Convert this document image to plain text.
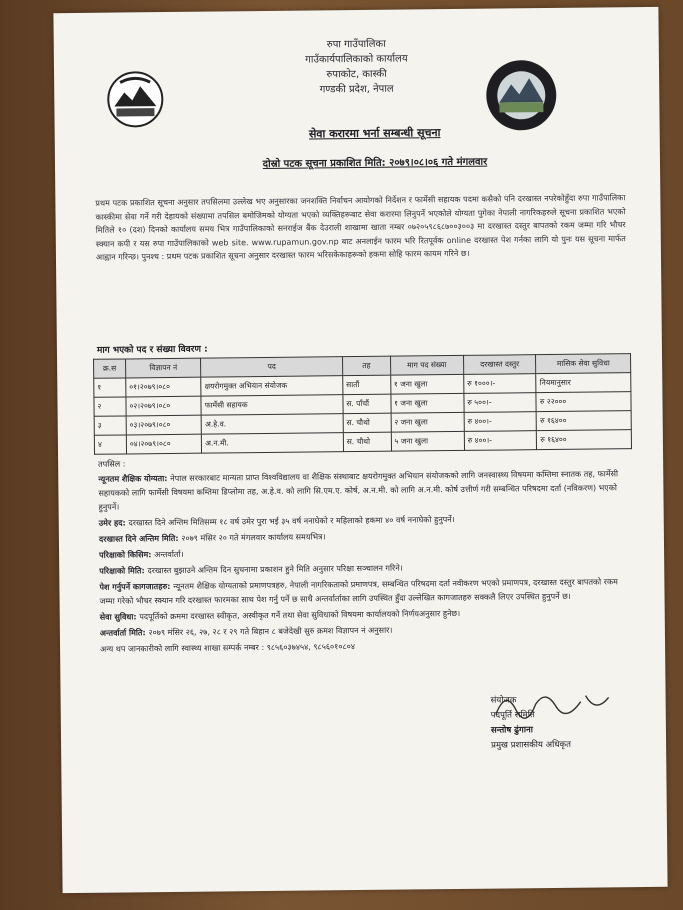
रुपा गाउँपालिका
गाउँकार्यपालिकाको कार्यालय
रुपाकोट, कास्की
गण्डकी प्रदेश, नेपाल
सेवा करारमा भर्ना सम्बन्धी सूचना
दोस्रो पटक सूचना प्रकाशित मिति: २०७९।०८।०६ गते मंगलवार
प्रथम पटक प्रकाशित सूचना अनुसार तपसिलमा उल्लेख भए अनुसारका जनशक्ति निर्वाचन आयोगको निर्देशन र फार्मेसी सहायक पदमा कसैको पनि दरखास्त नपरेकोहुँदा रुपा गाउँपालिका कास्कीमा सेवा गर्ने गरी देहायको संख्यामा तपसिल बमोजिमको योग्यता भएको व्यक्तिहरूबाट सेवा करारमा लिनुपर्ने भएकोले योग्यता पुगेका नेपाली नागरिकहरुले सूचना प्रकाशित भएको मितिले १० (दश) दिनको कार्यालय समय भित्र गाउँपालिकाको सनराईज बैंक देउराली शाखामा खाता नम्बर ०७२०५९८६८७००३००३ मा दरखास्त दस्तुर बापतको रकम जम्मा गरि भौचर स्क्यान कपी र यस रुपा गाउँपालिकाको web site. www.rupamun.gov.np बाट अनलाईन फारम भरि रितपूर्वक online दरखास्त पेश गर्नका लागि यो पुनः यस सूचना मार्फत आह्वान गरिन्छ। पुनश्च : प्रथम पटक प्रकाशित सूचना अनुसार दरखास्त फारम भरिसकेकाहरूको हकमा सोहि फारम कायम गरिने छ।
माग भएको पद र संख्या विवरण :
क्र.स	विज्ञापन नं	पद	तह	माग पद संख्या	दरखास्त दस्तुर	मासिक सेवा सुविधा
१	०१।२०७९।०८०	क्षयरोगमुक्त अभियान संयोजक	सातौं	१ जना खुला	रु १०००।-	नियमानुसार
२	०२।२०७९।०८०	फार्मेसी सहायक	स. पाँचौं	१ जना खुला	रु ५००।-	रु २२०००
३	०३।२०७९।०८०	अ.हे.व.	स. चौथो	२ जना खुला	रु ४००।-	रु १६४००
४	०४।२०७९।०८०	अ.न.मी.	स. चौथो	५ जना खुला	रु ४००।-	रु १६४००
तपसिल :

न्यूनतम शैक्षिक योग्यता: नेपाल सरकारबाट मान्यता प्राप्त विश्वविद्यालय वा शैक्षिक संस्थाबाट क्षयरोगमुक्त अभियान संयोजकको लागि जनस्वास्थ्य विषयमा कम्तिमा स्नातक तह, फार्मेसी सहायकको लागि फार्मेसी विषयमा कम्तिमा डिप्लोमा तह, अ.हे.व. को लागि सि.एम.ए. कोर्ष, अ.न.मी. को लागि अ.न.मी. कोर्ष उत्तीर्ण गरी सम्बन्धित परिषदमा दर्ता (नविकरण) भएको हुनुपर्ने।

उमेर हद: दरखास्त दिने अन्तिम मितिसम्म १८ वर्ष उमेर पुरा भई ३५ वर्ष ननाघेको र महिलाको हकमा ४० वर्ष ननाघेको हुनुपर्ने।

दरखास्त दिने अन्तिम मिति: २०७९ मंसिर २० गते मंगलवार कार्यालय समयभित्र।

परिक्षाको किसिम: अन्तर्वार्ता।

परिक्षाको मिति: दरखास्त बुझाउने अन्तिम दिन सुचनामा प्रकाशन हुने मिति अनुसार परिक्षा सञ्चालन गरिने।

पेश गर्नुपर्ने कागजातहरु: न्यूनतम शैक्षिक योग्यताको प्रमाणपत्रहरु, नेपाली नागरिकताको प्रमाणपत्र, सम्बन्धित परिषदमा दर्ता नवीकरण भएको प्रमाणपत्र, दरखास्त दस्तुर बापतको रकम जम्मा गरेको भौचर स्क्यान गरि दरखास्त फारमका साथ पेश गर्नु पर्ने छ साथै अन्तर्वार्ताका लागि उपस्थित हुँदा उल्लेखित कागजातहरु सक्कलै लिएर उपस्थित हुनुपर्ने छ।

सेवा सुविधा: पदपूर्तिको क्रममा दरखास्त स्वीकृत, अस्वीकृत गर्ने तथा सेवा सुविधाको विषयमा कार्यालयको निर्णयअनुसार हुनेछ।

अन्तर्वार्ता मिति: २०७९ मंसिर २६, २७, २८ र २९ गते बिहान ८ बजेदेखी सुरु क्रमश विज्ञापन नं अनुसार।

अन्य थप जानकारीको लागि स्वास्थ्य शाखा सम्पर्क नम्बर : ९८५६०३७४५४, ९८५६०१०८०४

संयोजक
पदपूर्ति समिति
सन्तोष ढुंगाना
प्रमुख प्रशासकीय अधिकृत
